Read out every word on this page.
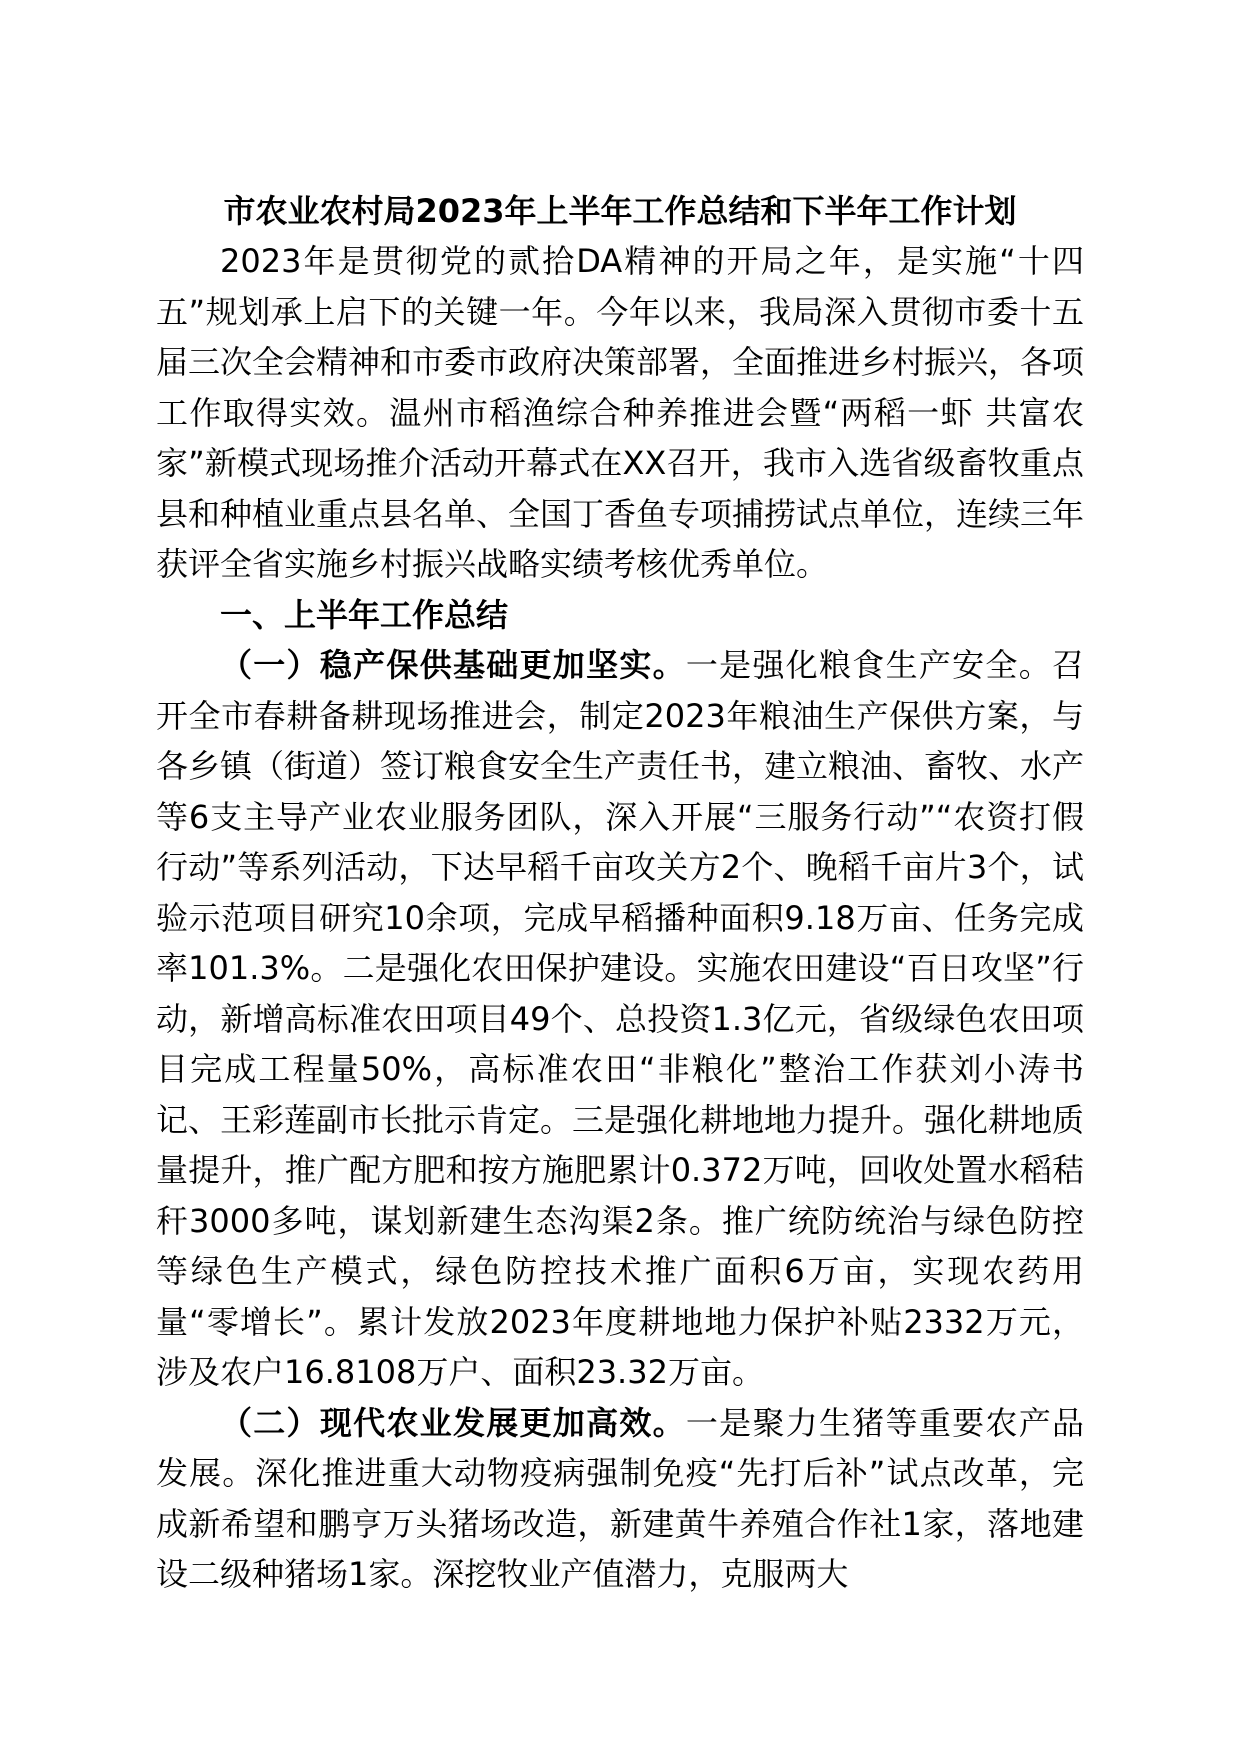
市农业农村局2023年上半年工作总结和下半年工作计划

2023年是贯彻党的贰拾DA精神的开局之年，是实施“十四五”规划承上启下的关键一年。今年以来，我局深入贯彻市委十五届三次全会精神和市委市政府决策部署，全面推进乡村振兴，各项工作取得实效。温州市稻渔综合种养推进会暨“两稻一虾 共富农家”新模式现场推介活动开幕式在XX召开，我市入选省级畜牧重点县和种植业重点县名单、全国丁香鱼专项捕捞试点单位，连续三年获评全省实施乡村振兴战略实绩考核优秀单位。

一、上半年工作总结

（一）稳产保供基础更加坚实。一是强化粮食生产安全。召开全市春耕备耕现场推进会，制定2023年粮油生产保供方案，与各乡镇（街道）签订粮食安全生产责任书，建立粮油、畜牧、水产等6支主导产业农业服务团队，深入开展“三服务行动”“农资打假行动”等系列活动，下达早稻千亩攻关方2个、晚稻千亩片3个，试验示范项目研究10余项，完成早稻播种面积9.18万亩、任务完成率101.3%。二是强化农田保护建设。实施农田建设“百日攻坚”行动，新增高标准农田项目49个、总投资1.3亿元，省级绿色农田项目完成工程量50%，高标准农田“非粮化”整治工作获刘小涛书记、王彩莲副市长批示肯定。三是强化耕地地力提升。强化耕地质量提升，推广配方肥和按方施肥累计0.372万吨，回收处置水稻秸秆3000多吨，谋划新建生态沟渠2条。推广统防统治与绿色防控等绿色生产模式，绿色防控技术推广面积6万亩，实现农药用量“零增长”。累计发放2023年度耕地地力保护补贴2332万元，涉及农户16.8108万户、面积23.32万亩。

（二）现代农业发展更加高效。一是聚力生猪等重要农产品发展。深化推进重大动物疫病强制免疫“先打后补”试点改革，完成新希望和鹏亨万头猪场改造，新建黄牛养殖合作社1家，落地建设二级种猪场1家。深挖牧业产值潜力，克服两大
